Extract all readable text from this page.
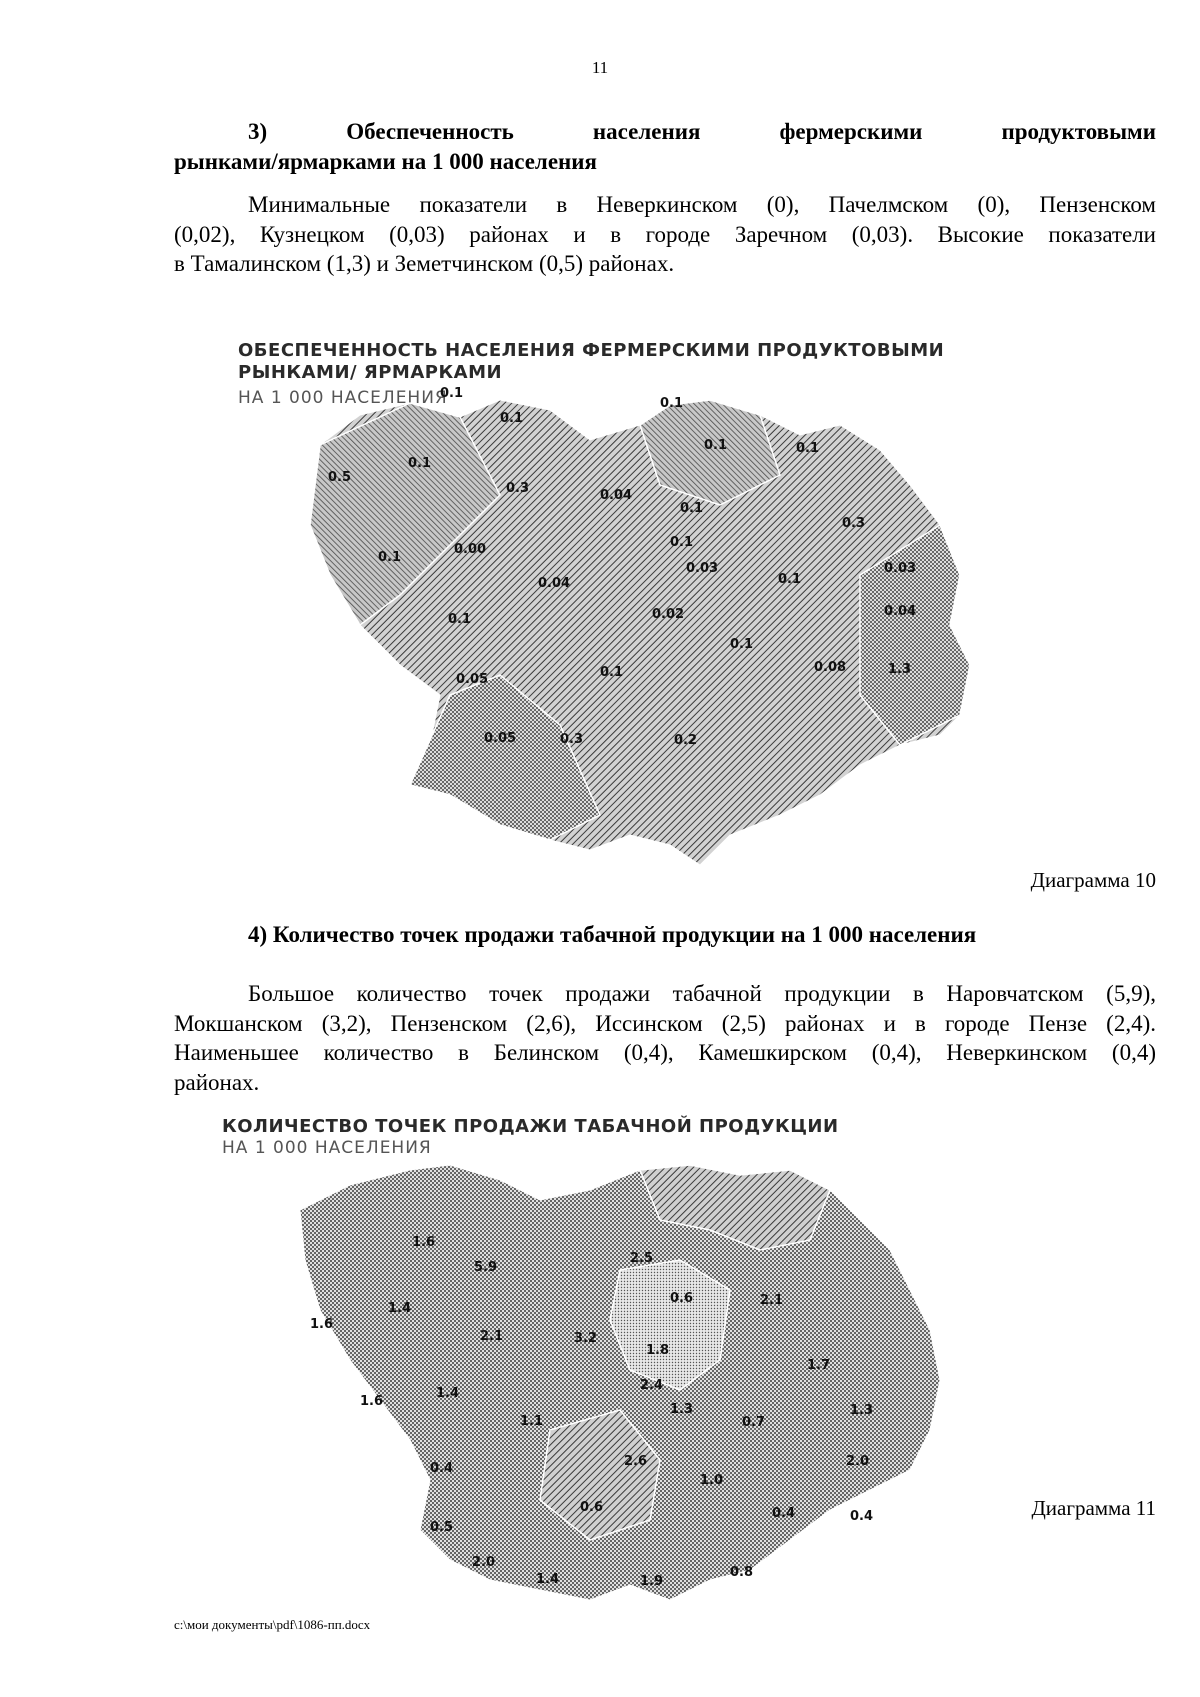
11
3)	Обеспеченность	населения	фермерскими	продуктовыми
рынками/ярмарками на 1 000 населения
Минимальные показатели в Неверкинском (0), Пачелмском (0), Пензенском
(0,02), Кузнецком (0,03) районах и в городе Заречном (0,03). Высокие показатели
в Тамалинском (1,3) и Земетчинском (0,5) районах.
ОБЕСПЕЧЕННОСТЬ НАСЕЛЕНИЯ ФЕРМЕРСКИМИ ПРОДУКТОВЫМИ
РЫНКАМИ/ ЯРМАРКАМИ
НА 1 000 НАСЕЛЕНИЯ
0.1
0.1
0.1
0.1	0.1
0.5
0.1
0.3	0.04
0.1
0.3
0.1
0.00	0.1
0.03
0.1
0.03
0.04
0.02	0.04
0.1
0.1
0.08	1.3
0.05	0.1
0.05	0.3	0.2
Диаграмма 10
4) Количество точек продажи табачной продукции на 1 000 населения
Большое количество точек продажи табачной продукции в Наровчатском (5,9),
Мокшанском (3,2), Пензенском (2,6), Иссинском (2,5) районах и в городе Пензе (2,4).
Наименьшее количество в Белинском (0,4), Камешкирском (0,4), Неверкинском (0,4)
районах.
КОЛИЧЕСТВО ТОЧЕК ПРОДАЖИ ТАБАЧНОЙ ПРОДУКЦИИ
НА 1 000 НАСЕЛЕНИЯ
1.6
5.9
2.5
1.6
1.4
2.1	3.2
0.6	2.1
1.8
1.7
1.6
1.4
2.4
1.3
0.7
1.3
1.1
2.6	2.0
0.4
1.0
0.6
0.5
0.4	0.4
2.0
1.4	1.9
0.8
Диаграмма 11
c:\мои документы\pdf\1086-пп.docx
